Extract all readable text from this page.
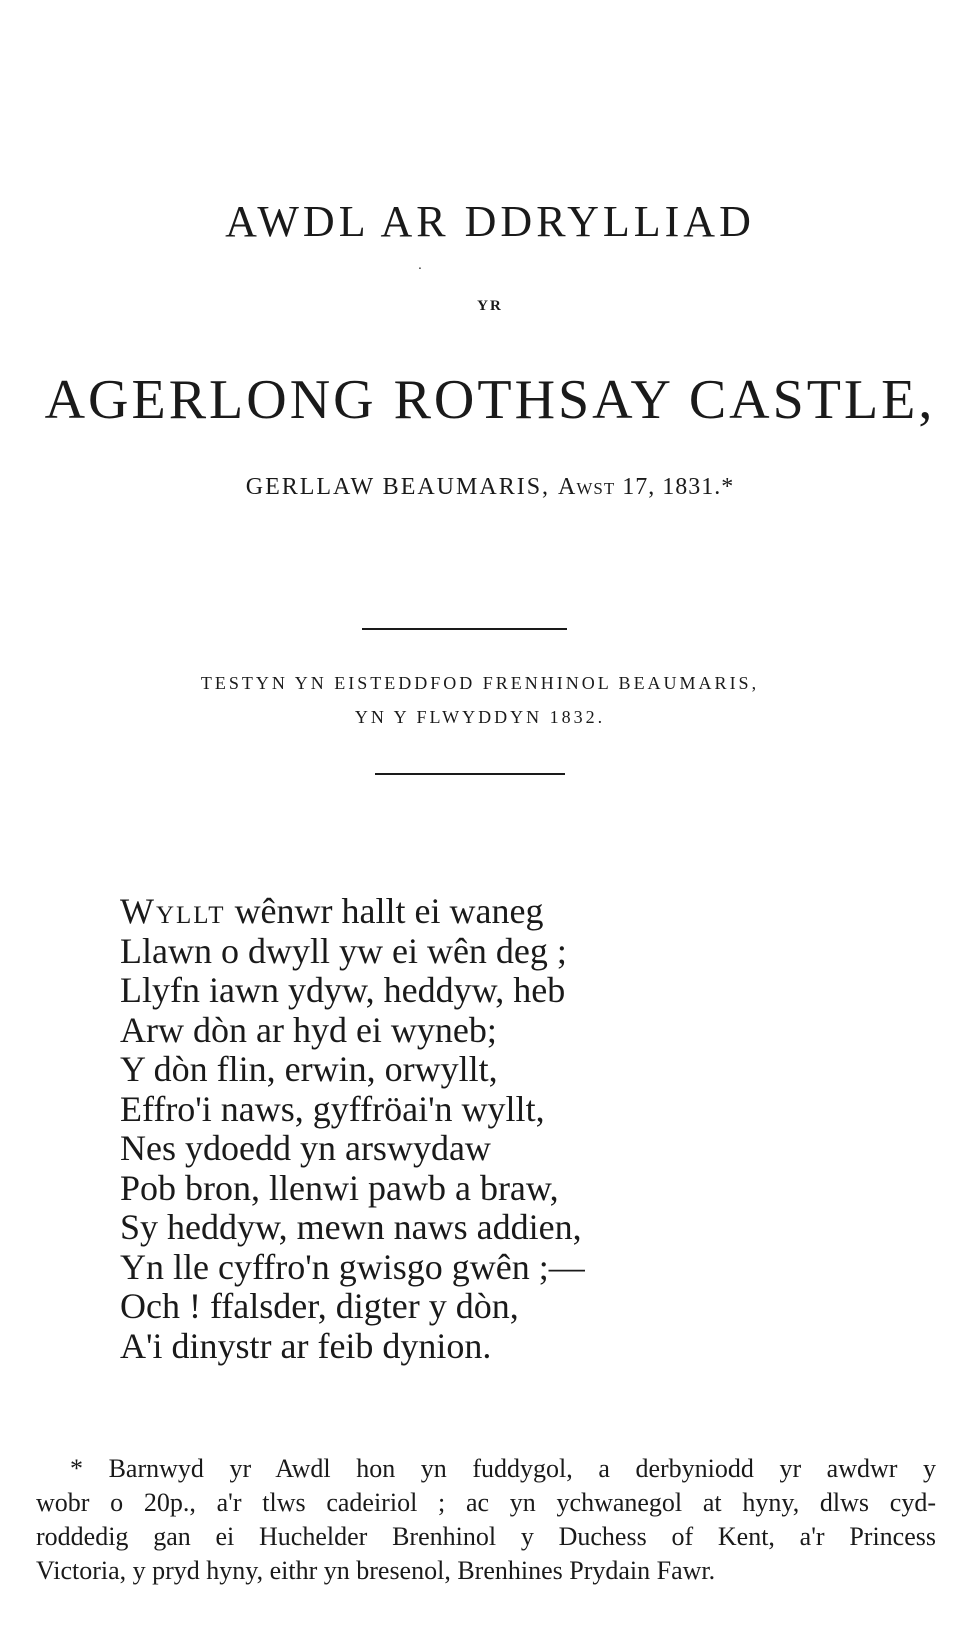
AWDL AR DDRYLLIAD
·
YR
AGERLONG ROTHSAY CASTLE,
GERLLAW BEAUMARIS, Awst 17, 1831.*
TESTYN YN EISTEDDFOD FRENHINOL BEAUMARIS,
YN Y FLWYDDYN 1832.
Wyllt wênwr hallt ei waneg
Llawn o dwyll yw ei wên deg ;
Llyfn iawn ydyw, heddyw, heb
Arw dòn ar hyd ei wyneb;
Y dòn flin, erwin, orwyllt,
Effro'i naws, gyffröai'n wyllt,
Nes ydoedd yn arswydaw
Pob bron, llenwi pawb a braw,
Sy heddyw, mewn naws addien,
Yn lle cyffro'n gwisgo gwên ;—
Och ! ffalsder, digter y dòn,
A'i dinystr ar feib dynion.
* Barnwyd yr Awdl hon yn fuddygol, a derbyniodd yr awdwr y
wobr o 20p., a'r tlws cadeiriol ; ac yn ychwanegol at hyny, dlws cyd-
roddedig gan ei Huchelder Brenhinol y Duchess of Kent, a'r Princess
Victoria, y pryd hyny, eithr yn bresenol, Brenhines Prydain Fawr.
